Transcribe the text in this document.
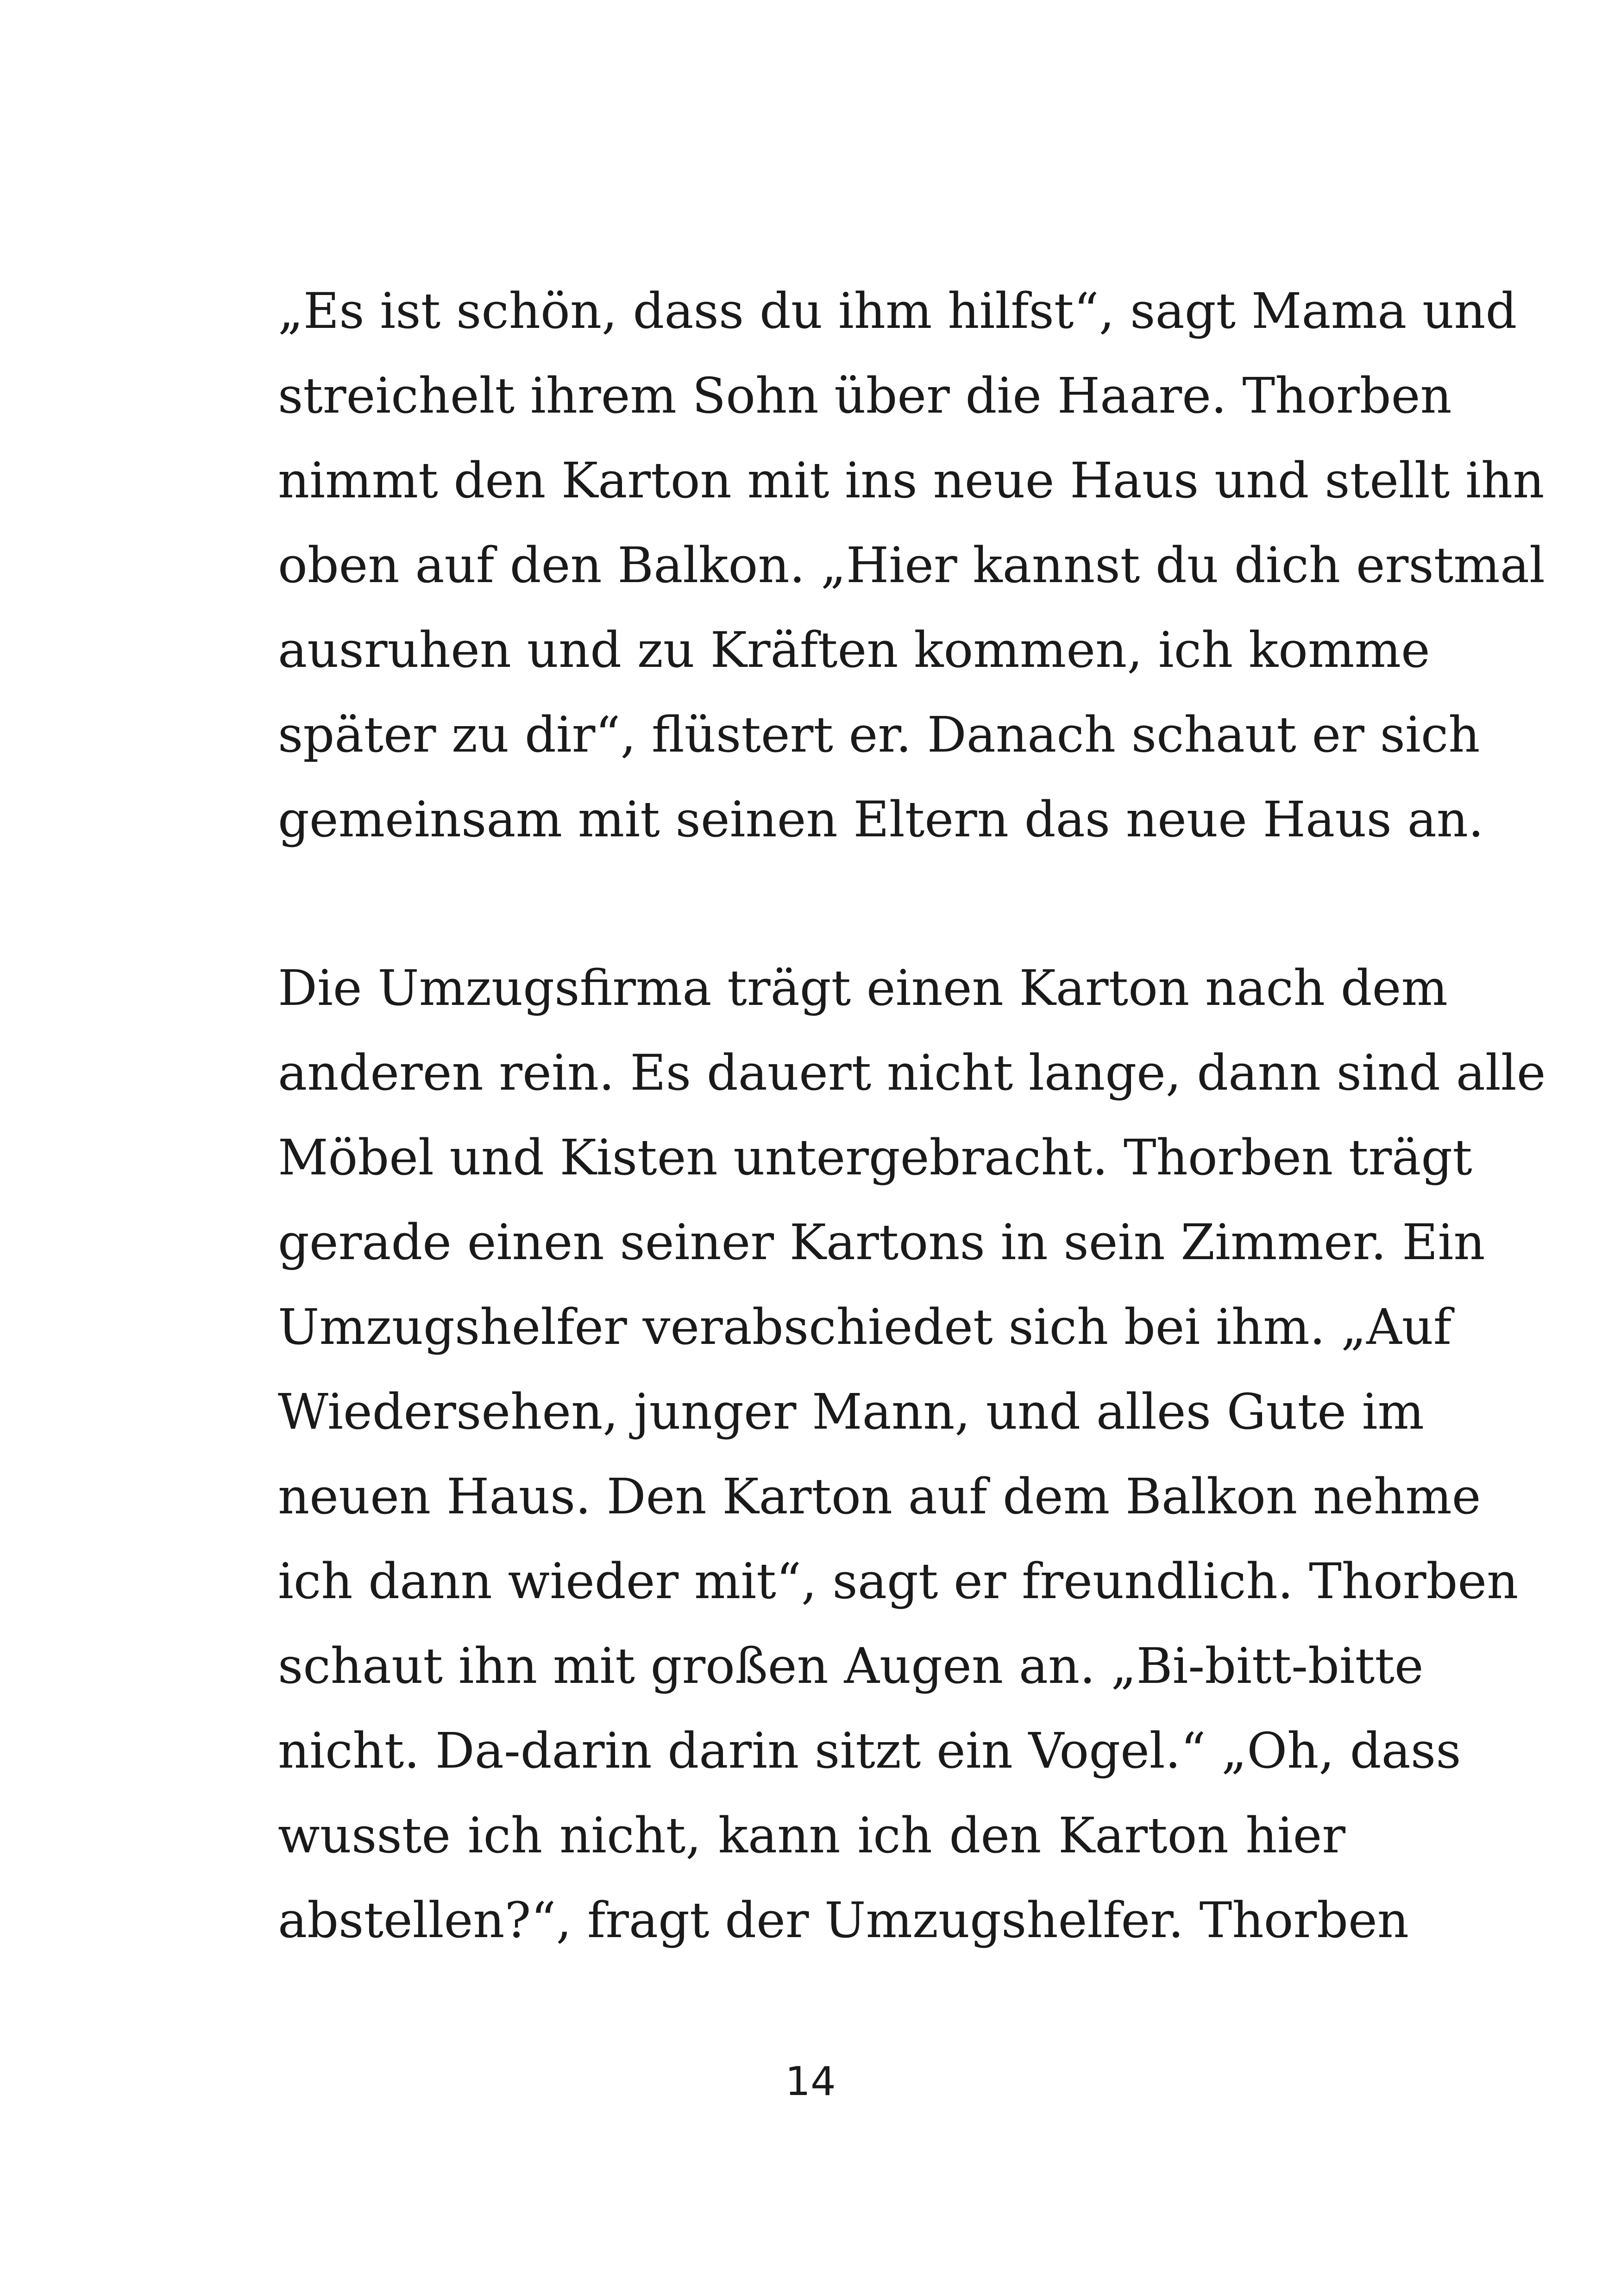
„Es ist schön, dass du ihm hilfst“, sagt Mama und
streichelt ihrem Sohn über die Haare. Thorben
nimmt den Karton mit ins neue Haus und stellt ihn
oben auf den Balkon. „Hier kannst du dich erstmal
ausruhen und zu Kräften kommen, ich komme
später zu dir“, flüstert er. Danach schaut er sich
gemeinsam mit seinen Eltern das neue Haus an.
Die Umzugsfirma trägt einen Karton nach dem
anderen rein. Es dauert nicht lange, dann sind alle
Möbel und Kisten untergebracht. Thorben trägt
gerade einen seiner Kartons in sein Zimmer. Ein
Umzugshelfer verabschiedet sich bei ihm. „Auf
Wiedersehen, junger Mann, und alles Gute im
neuen Haus. Den Karton auf dem Balkon nehme
ich dann wieder mit“, sagt er freundlich. Thorben
schaut ihn mit großen Augen an. „Bi-bitt-bitte
nicht. Da-darin darin sitzt ein Vogel.“ „Oh, dass
wusste ich nicht, kann ich den Karton hier
abstellen?“, fragt der Umzugshelfer. Thorben
14
